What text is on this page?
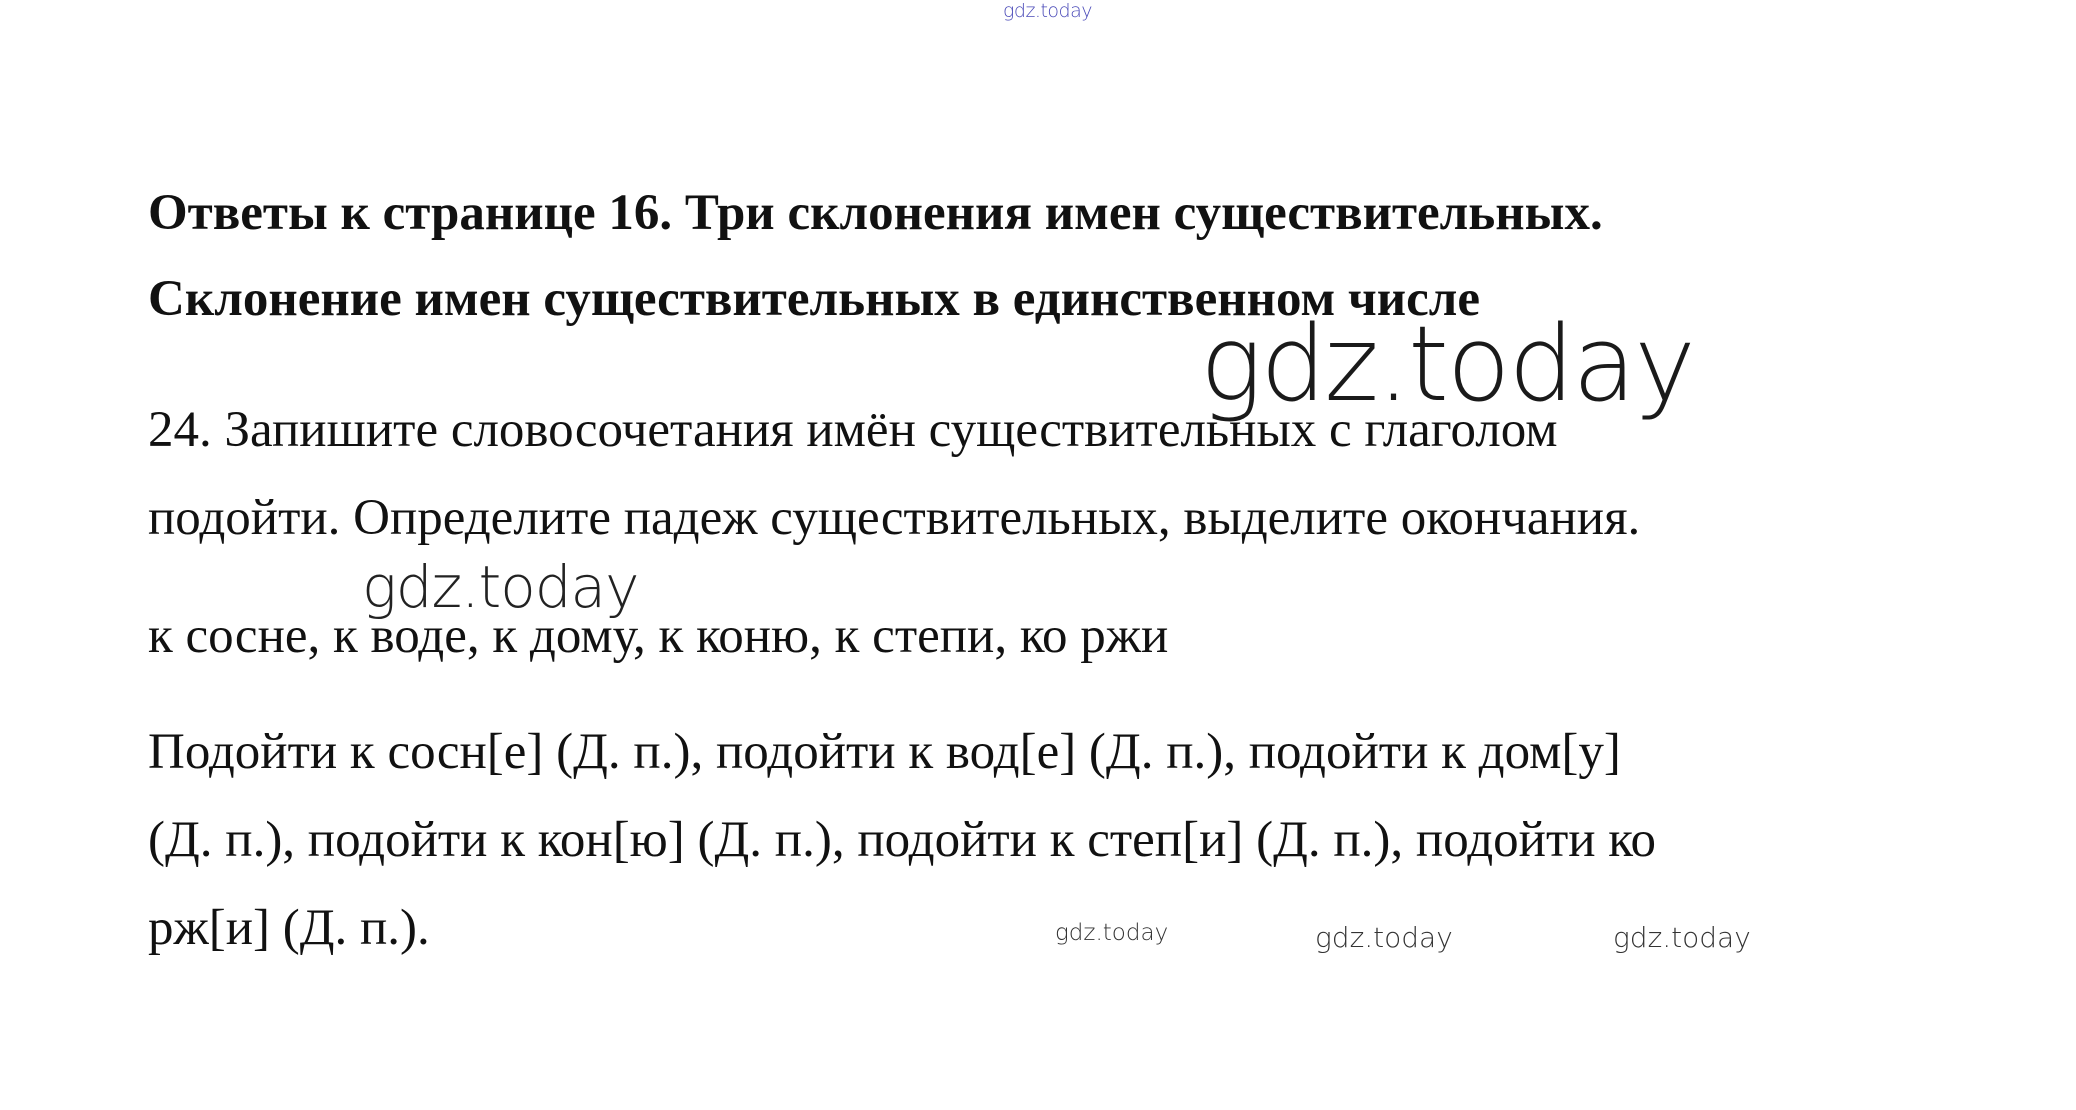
gdz.today
Ответы к странице 16. Три склонения имен существительных.
Склонение имен существительных в единственном числе
gdz.today

24. Запишите словосочетания имён существительных с глаголом
подойти. Определите падеж существительных, выделите окончания.

к сосне, к воде, к дому, к коню, к степи, ко ржи

gdz.today

Подойти к сосн[е] (Д. п.), подойти к вод[е] (Д. п.), подойти к дом[у]
(Д. п.), подойти к кон[ю] (Д. п.), подойти к степ[и] (Д. п.), подойти ко
рж[и] (Д. п.).	gdz.today	gdz.today	gdz.today
